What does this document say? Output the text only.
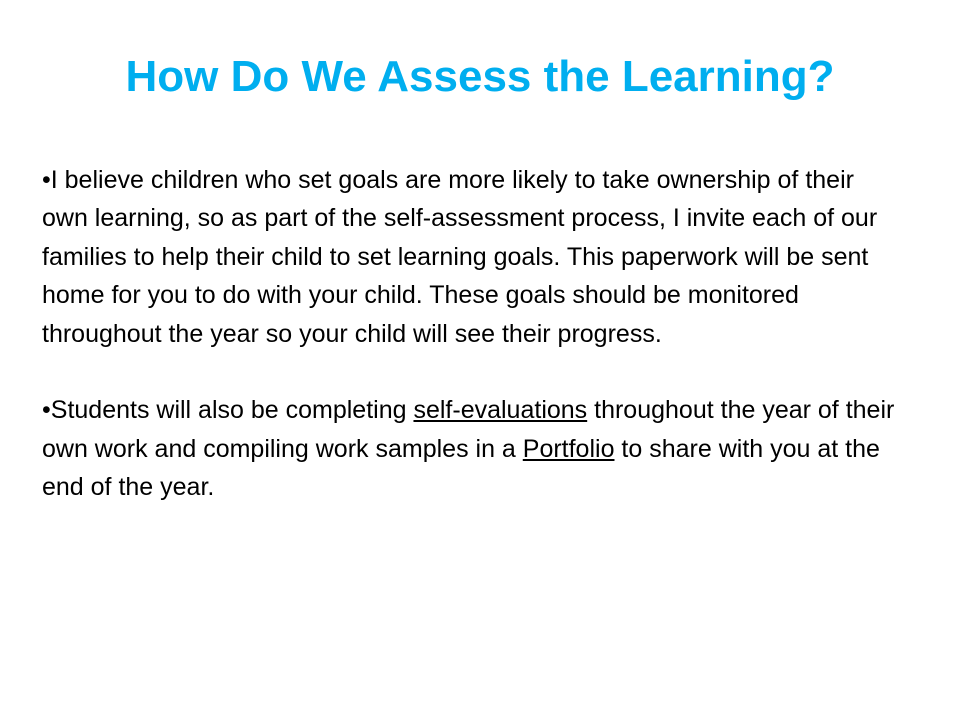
How Do We Assess the Learning?

•I believe children who set goals are more likely to take ownership of their own learning, so as part of the self-assessment process, I invite each of our families to help their child to set learning goals. This paperwork will be sent home for you to do with your child. These goals should be monitored throughout the year so your child will see their progress.

•Students will also be completing self-evaluations throughout the year of their own work and compiling work samples in a Portfolio to share with you at the end of the year.
